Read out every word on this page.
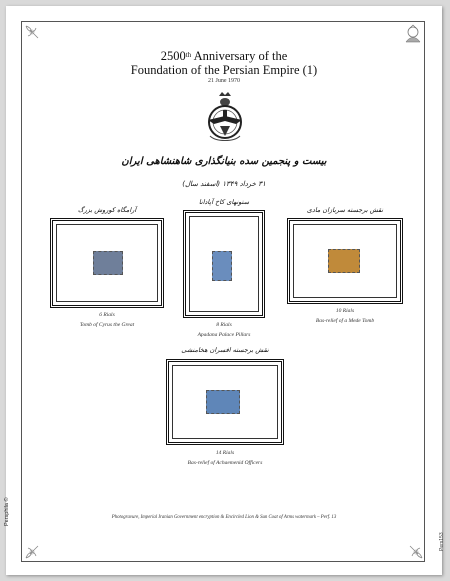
2500th Anniversary of the
Foundation of the Persian Empire (1)
21 June 1970
بیست و پنجمین سده بنیانگذاری شاهنشاهی ایران
۳۱ خرداد ۱۳۴۹ (اسفند سال)
آرامگاه کوروش بزرگ
6 Rials
Tomb of Cyrus the Great
ستونهای کاخ آپادانا
8 Rials
Apadana Palace Pillars
نقش برجسته سربازان مادی
10 Rials
Bas-relief of a Mede Tomb
نقش برجسته افسران هخامنشی
14 Rials
Bas-relief of Achaemenid Officers
Photogravure, Imperial Iranian Government encryption & Encircled Lion & Sun Coat of Arms watermark – Perf. 13
Persphila ©
Pers153
